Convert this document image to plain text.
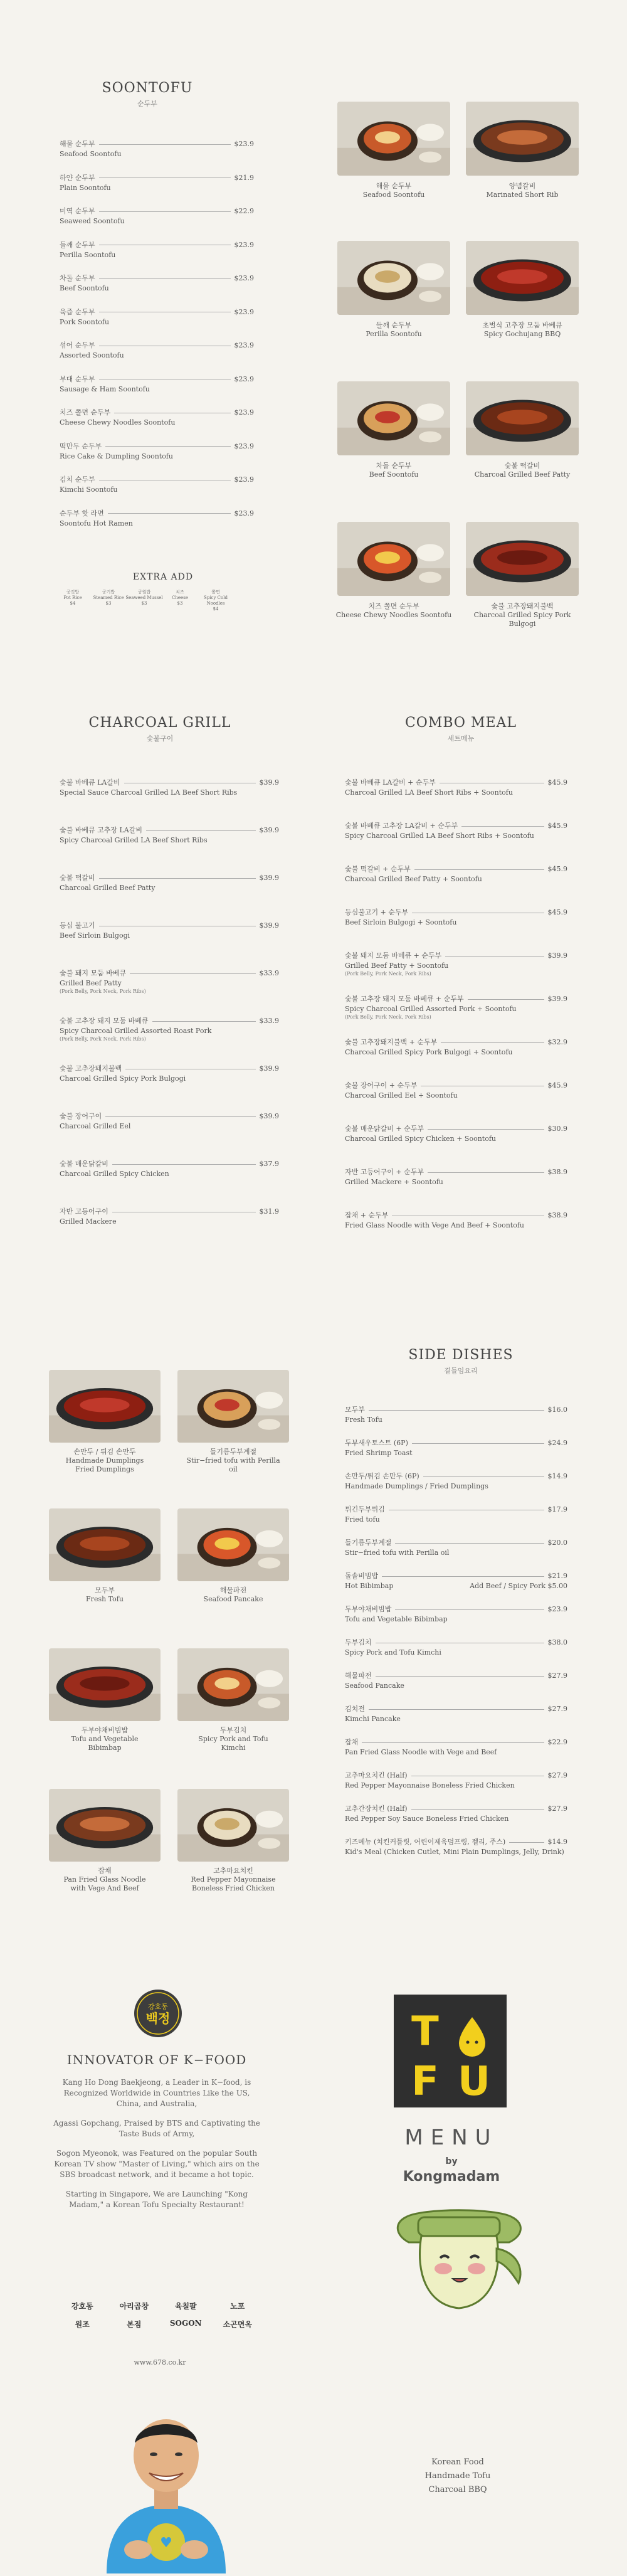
SOONTOFU
순두부
해물 순두부	$23.9
Seafood Soontofu
하얀 순두부	$21.9
Plain Soontofu
미역 순두부	$22.9
Seaweed Soontofu
들깨 순두부	$23.9
Perilla Soontofu
차돌 순두부	$23.9
Beef Soontofu
육즙 순두부	$23.9
Pork Soontofu
섞어 순두부	$23.9
Assorted Soontofu
부대 순두부	$23.9
Sausage & Ham Soontofu
치즈 쫄면 순두부	$23.9
Cheese Chewy Noodles Soontofu
떡만두 순두부	$23.9
Rice Cake & Dumpling Soontofu
김치 순두부	$23.9
Kimchi Soontofu
순두부 핫 라면	$23.9
Soontofu Hot Ramen
EXTRA ADD
공깃밥
Pot Rice
$4
공기밥
Steamed Rice
$3
공원밥
Seaweed Mussel
$3
치즈
Cheese
$3
쫄면
Spicy Cold Noodles
$4
해물 순두부
Seafood Soontofu
양념갈비
Marinated Short Rib
들깨 순두부
Perilla Soontofu
초벌식 고추장 모둠 바베큐
Spicy Gochujang BBQ
차돌 순두부
Beef Soontofu
숯불 떡갈비
Charcoal Grilled Beef Patty
치즈 쫄면 순두부
Cheese Chewy Noodles Soontofu
숯불 고추장돼지불백
Charcoal Grilled Spicy Pork Bulgogi
CHARCOAL GRILL
숯불구이
숯불 바베큐 LA갈비	$39.9
Special Sauce Charcoal Grilled LA Beef Short Ribs
숯불 바베큐 고추장 LA갈비	$39.9
Spicy Charcoal Grilled LA Beef Short Ribs
숯불 떡갈비	$39.9
Charcoal Grilled Beef Patty
등심 불고기	$39.9
Beef Sirloin Bulgogi
숯불 돼지 모둠 바베큐	$33.9
Grilled Beef Patty
(Pork Belly, Pork Neck, Pork Ribs)
숯불 고추장 돼지 모둠 바베큐	$33.9
Spicy Charcoal Grilled Assorted Roast Pork
(Pork Belly, Pork Neck, Pork Ribs)
숯불 고추장돼지불백	$39.9
Charcoal Grilled Spicy Pork Bulgogi
숯불 장어구이	$39.9
Charcoal Grilled Eel
숯불 매운닭갈비	$37.9
Charcoal Grilled Spicy Chicken
자반 고등어구이	$31.9
Grilled Mackere
COMBO MEAL
세트메뉴
숯불 바베큐 LA갈비 + 순두부	$45.9
Charcoal Grilled LA Beef Short Ribs + Soontofu
숯불 바베큐 고추장 LA갈비 + 순두부	$45.9
Spicy Charcoal Grilled LA Beef Short Ribs + Soontofu
숯불 떡갈비 + 순두부	$45.9
Charcoal Grilled Beef Patty + Soontofu
등심불고기 + 순두부	$45.9
Beef Sirloin Bulgogi + Soontofu
숯불 돼지 모둠 바베큐 + 순두부	$39.9
Grilled Beef Patty + Soontofu
(Pork Belly, Pork Neck, Pork Ribs)
숯불 고추장 돼지 모둠 바베큐 + 순두부	$39.9
Spicy Charcoal Grilled Assorted Pork + Soontofu
(Pork Belly, Pork Neck, Pork Ribs)
숯불 고추장돼지불백 + 순두부	$32.9
Charcoal Grilled Spicy Pork Bulgogi + Soontofu
숯불 장어구이 + 순두부	$45.9
Charcoal Grilled Eel + Soontofu
숯불 매운닭갈비 + 순두부	$30.9
Charcoal Grilled Spicy Chicken + Soontofu
자반 고등어구이 + 순두부	$38.9
Grilled Mackere + Soontofu
잡채 + 순두부	$38.9
Fried Glass Noodle with Vege And Beef + Soontofu
손만두 / 튀김 손만두
Handmade Dumplings Fried Dumplings
들기름두부계절
Stir−fried tofu with Perilla oil
모두부
Fresh Tofu
해물파전
Seafood Pancake
두부야채비빔밥
Tofu and Vegetable Bibimbap
두부김치
Spicy Pork and Tofu Kimchi
잡채
Pan Fried Glass Noodle with Vege And Beef
고추마요치킨
Red Pepper Mayonnaise Boneless Fried Chicken
SIDE DISHES
곁들임요리
모두부	$16.0
Fresh Tofu
두부새우토스트 (6P)	$24.9
Fried Shrimp Toast
손만두/튀김 손만두 (6P)	$14.9
Handmade Dumplings / Fried Dumplings
튀긴두부튀김	$17.9
Fried tofu
들기름두부계절	$20.0
Stir−fried tofu with Perilla oil
돌솥비빔밥	$21.9
Hot Bibimbap	Add Beef / Spicy Pork $5.00
두부야채비빔밥	$23.9
Tofu and Vegetable Bibimbap
두부김치	$38.0
Spicy Pork and Tofu Kimchi
해물파전	$27.9
Seafood Pancake
김치전	$27.9
Kimchi Pancake
잡채	$22.9
Pan Fried Glass Noodle with Vege and Beef
고추마요치킨 (Half)	$27.9
Red Pepper Mayonnaise Boneless Fried Chicken
고추간장치킨 (Half)	$27.9
Red Pepper Soy Sauce Boneless Fried Chicken
키즈메뉴 (치킨커틀릿, 어린이제육덤프링, 젤리, 주스)	$14.9
Kid's Meal (Chicken Cutlet, Mini Plain Dumplings, Jelly, Drink)
강호동
백정
INNOVATOR OF K−FOOD
Kang Ho Dong Baekjeong, a Leader in K−food, is Recognized Worldwide in Countries Like the US, China, and Australia,
Agassi Gopchang, Praised by BTS and Captivating the Taste Buds of Army,
Sogon Myeonok, was Featured on the popular South Korean TV show "Master of Living," which airs on the SBS broadcast network, and it became a hot topic.
Starting in Singapore, We are Launching "Kong Madam," a Korean Tofu Specialty Restaurant!
강호동	아리곱창	육칠팔	노포
원조	본점	SOGON	소곤면옥
www.678.co.kr
♥
T
F U
MENU
by
Kongmadam
Korean Food
Handmade Tofu
Charcoal BBQ
